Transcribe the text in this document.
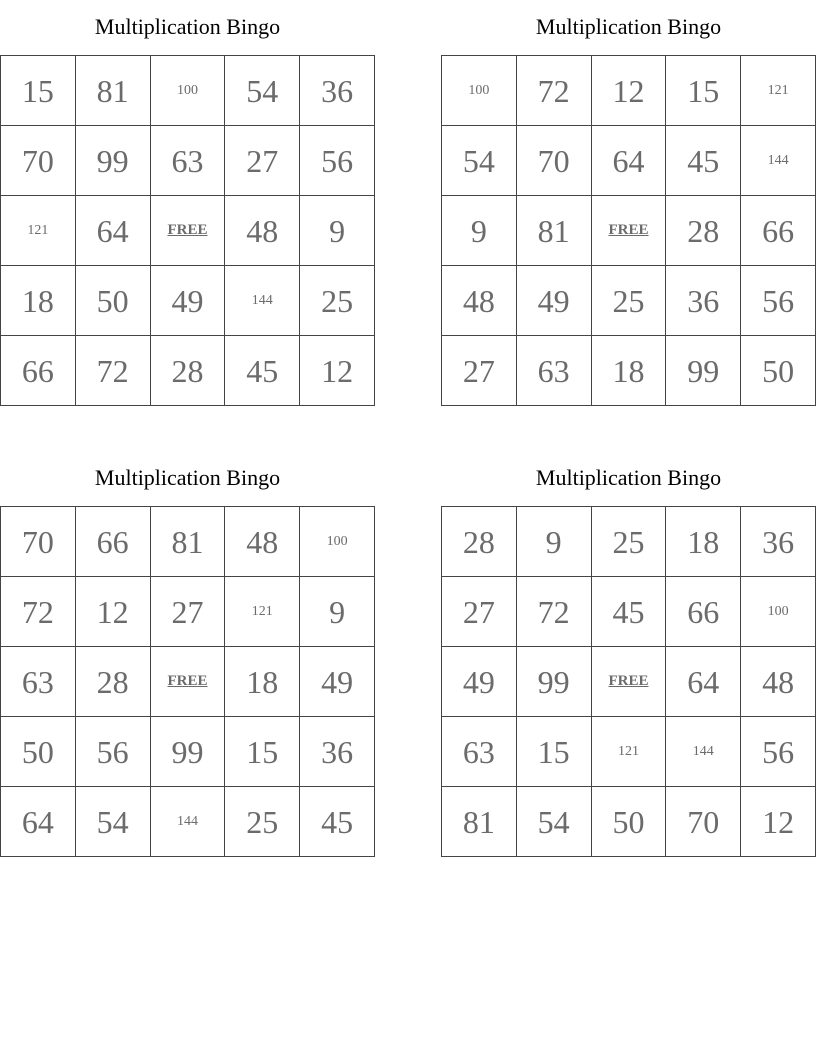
Multiplication Bingo
15	81	100	54	36
70	99	63	27	56
121	64	FREE	48	9
18	50	49	144	25
66	72	28	45	12
Multiplication Bingo
100	72	12	15	121
54	70	64	45	144
9	81	FREE	28	66
48	49	25	36	56
27	63	18	99	50
Multiplication Bingo
70	66	81	48	100
72	12	27	121	9
63	28	FREE	18	49
50	56	99	15	36
64	54	144	25	45
Multiplication Bingo
28	9	25	18	36
27	72	45	66	100
49	99	FREE	64	48
63	15	121	144	56
81	54	50	70	12
